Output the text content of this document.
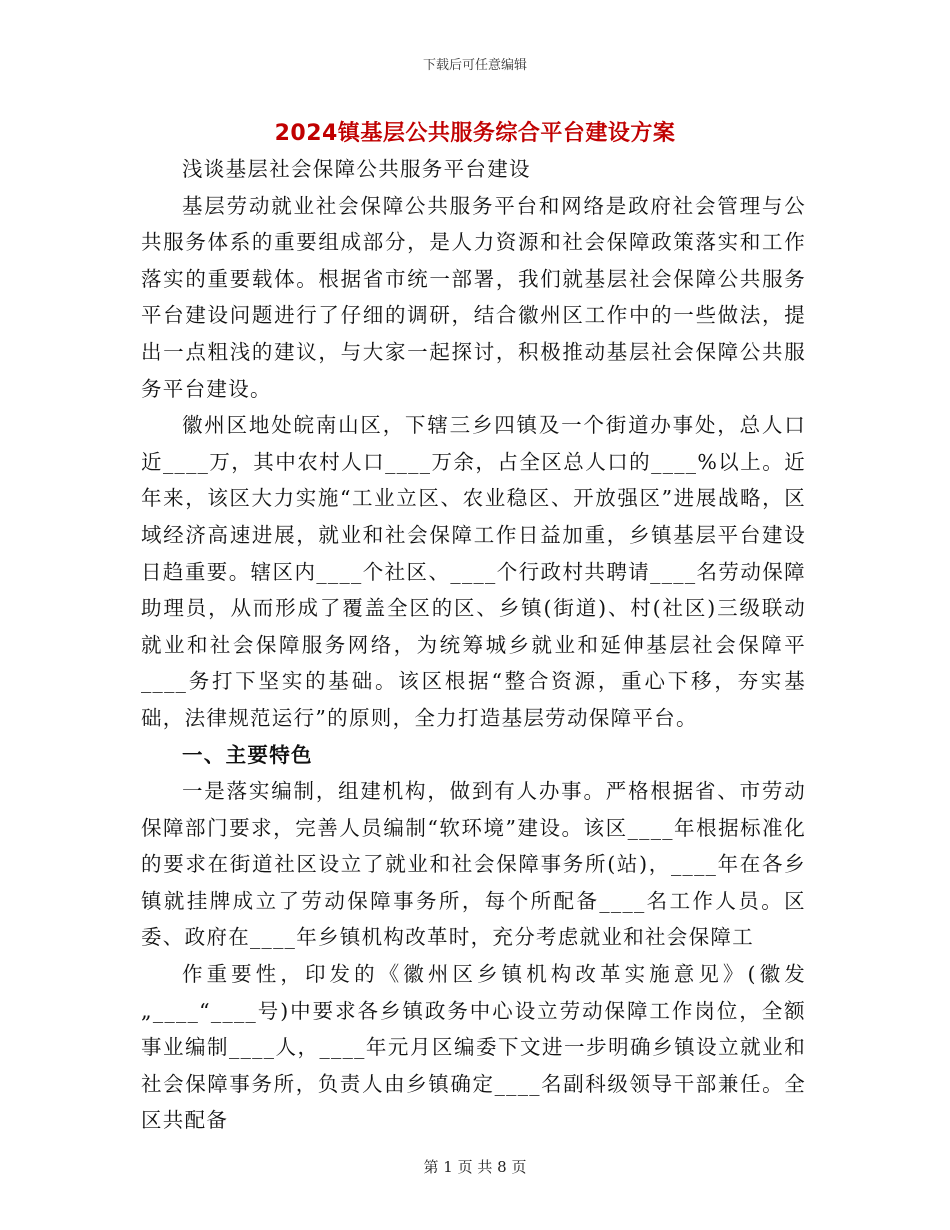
下载后可任意编辑
2024镇基层公共服务综合平台建设方案

浅谈基层社会保障公共服务平台建设

基层劳动就业社会保障公共服务平台和网络是政府社会管理与公共服务体系的重要组成部分，是人力资源和社会保障政策落实和工作落实的重要载体。根据省市统一部署，我们就基层社会保障公共服务平台建设问题进行了仔细的调研，结合徽州区工作中的一些做法，提出一点粗浅的建议，与大家一起探讨，积极推动基层社会保障公共服务平台建设。

徽州区地处皖南山区，下辖三乡四镇及一个街道办事处，总人口近____万，其中农村人口____万余，占全区总人口的____%以上。近年来，该区大力实施“工业立区、农业稳区、开放强区”进展战略，区域经济高速进展，就业和社会保障工作日益加重，乡镇基层平台建设日趋重要。辖区内____个社区、____个行政村共聘请____名劳动保障助理员，从而形成了覆盖全区的区、乡镇(街道)、村(社区)三级联动就业和社会保障服务网络，为统筹城乡就业和延伸基层社会保障平____务打下坚实的基础。该区根据“整合资源，重心下移，夯实基础，法律规范运行”的原则，全力打造基层劳动保障平台。

一、主要特色

一是落实编制，组建机构，做到有人办事。严格根据省、市劳动保障部门要求，完善人员编制“软环境”建设。该区____年根据标准化的要求在街道社区设立了就业和社会保障事务所(站)，____年在各乡镇就挂牌成立了劳动保障事务所，每个所配备____名工作人员。区委、政府在____年乡镇机构改革时，充分考虑就业和社会保障工

作重要性，印发的《徽州区乡镇机构改革实施意见》(徽发„____“____号)中要求各乡镇政务中心设立劳动保障工作岗位，全额事业编制____人，____年元月区编委下文进一步明确乡镇设立就业和社会保障事务所，负责人由乡镇确定____名副科级领导干部兼任。全区共配备

第 1 页 共 8 页
